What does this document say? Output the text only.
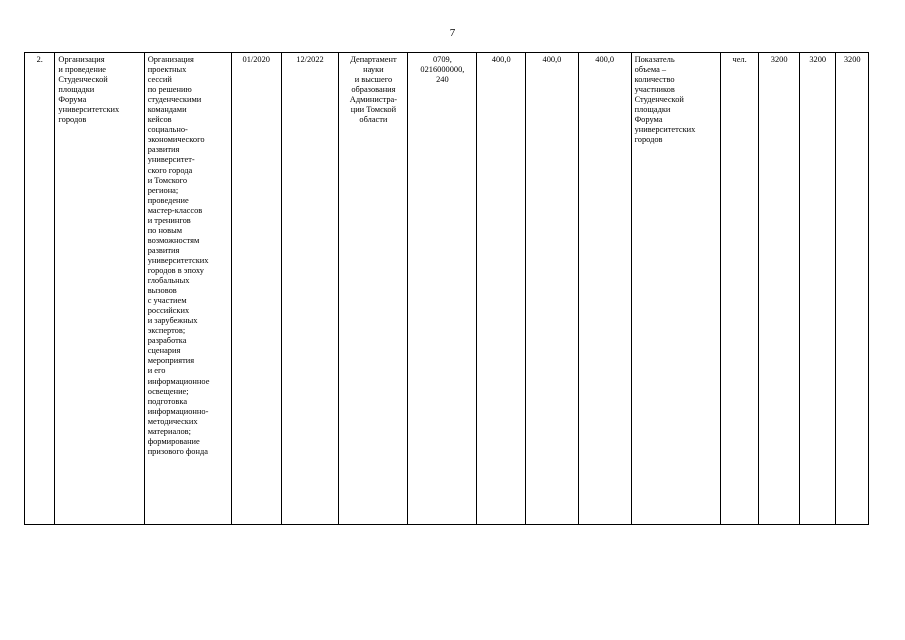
7
2.	Организация
и проведение
Студенческой
площадки
Форума
университетских
городов	Организация
проектных
сессий
по решению
студенческими
командами
кейсов
социально-
экономического
развития
университет-
ского города
и Томского
региона;
проведение
мастер-классов
и тренингов
по новым
возможностям
развития
университетских
городов в эпоху
глобальных
вызовов
с участием
российских
и зарубежных
экспертов;
разработка
сценария
мероприятия
и его
информационное
освещение;
подготовка
информационно-
методических
материалов;
формирование
призового фонда	01/2020	12/2022	Департамент
науки
и высшего
образования
Администра-
ции Томской
области	0709,
0216000000,
240	400,0	400,0	400,0	Показатель
объема –
количество
участников
Студенческой
площадки
Форума
университетских
городов	чел.	3200	3200	3200
